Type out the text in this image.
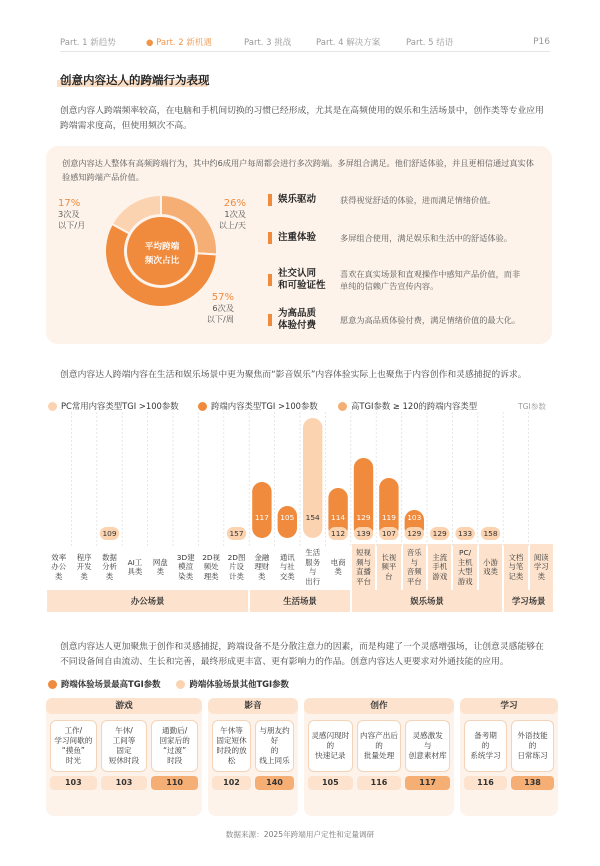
Part. 1 新趋势	● Part. 2 新机遇	Part. 3 挑战	Part. 4 解决方案	Part. 5 结语	P16
创意内容达人的跨端行为表现

创意内容人跨端频率较高，在电脑和手机间切换的习惯已经形成，尤其是在高频使用的娱乐和生活场景中，创作类等专业应用跨端需求度高，但使用频次不高。

创意内容达人整体有高频跨端行为，其中约6成用户每周都会进行多次跨端。多屏组合满足。他们舒适体验，并且更相信通过真实体验感知跨端产品价值。

平均跨端
频次占比
17%
3次及
以下/月
26%
1次及
以上/天
57%
6次及
以下/周
娱乐驱动	获得视觉舒适的体验，进而满足情绪价值。
注重体验	多屏组合使用，满足娱乐和生活中的舒适体验。
社交认同
和可验证性
喜欢在真实场景和直观操作中感知产品价值，而非
单纯的信赖广告宣传内容。
为高品质
体验付费	愿意为高品质体验付费，满足情绪价值的最大化。

创意内容达人跨端内容在生活和娱乐场景中更为聚焦而“影音娱乐”内容体验实际上也聚焦于内容创作和灵感捕捉的诉求。

PC常用内容类型TGI >100参数	跨端内容类型TGI >100参数	高TGI参数 ≥ 120的跨端内容类型	TGI参数
117 105 154 114 129 119 103
109	157	112 139 107 129 129 133 158
效率
办公
类
程序
开发
类
数据
分析
类
AI工
具类
网盘
类
3D建
模渲
染类
2D视
频处
理类
2D图
片设
计类
金融
理财
类
通讯
与社
交类
生活
服务
与
出行
电商
类
短视
频与
直播
平台
长视
频平
台
音乐
与
音频
平台
主流
手机
游戏
PC/
主机
大型
游戏
小游
戏类
文档
与笔
记类
阅读
学习
类
办公场景	生活场景	娱乐场景	学习场景

创意内容达人更加聚焦于创作和灵感捕捉，跨端设备不是分散注意力的因素，而是构建了一个灵感增强场，让创意灵感能够在不同设备间自由流动、生长和完善，最终形成更丰富、更有影响力的作品。创意内容达人更要求对外通技能的应用。

跨端体验场景最高TGI参数	跨端体验场景其他TGI参数
游戏
工作/
学习间歇的
“摸鱼”
时光
103
午休/
工间等
固定
短休时段
103
通勤后/
回家后的
“过渡”
时段
110
影音
午休等
固定短休
时段的放松
102
与朋友约好
的
线上同乐
140
创作
灵感闪现时
的
快速记录
105
内容产出后
的
批量处理
116
灵感激发
与
创意素材库
117
学习
备考期
的
系统学习
116
外语技能
的
日常练习
138
数据来源：2025年跨端用户定性和定量调研
